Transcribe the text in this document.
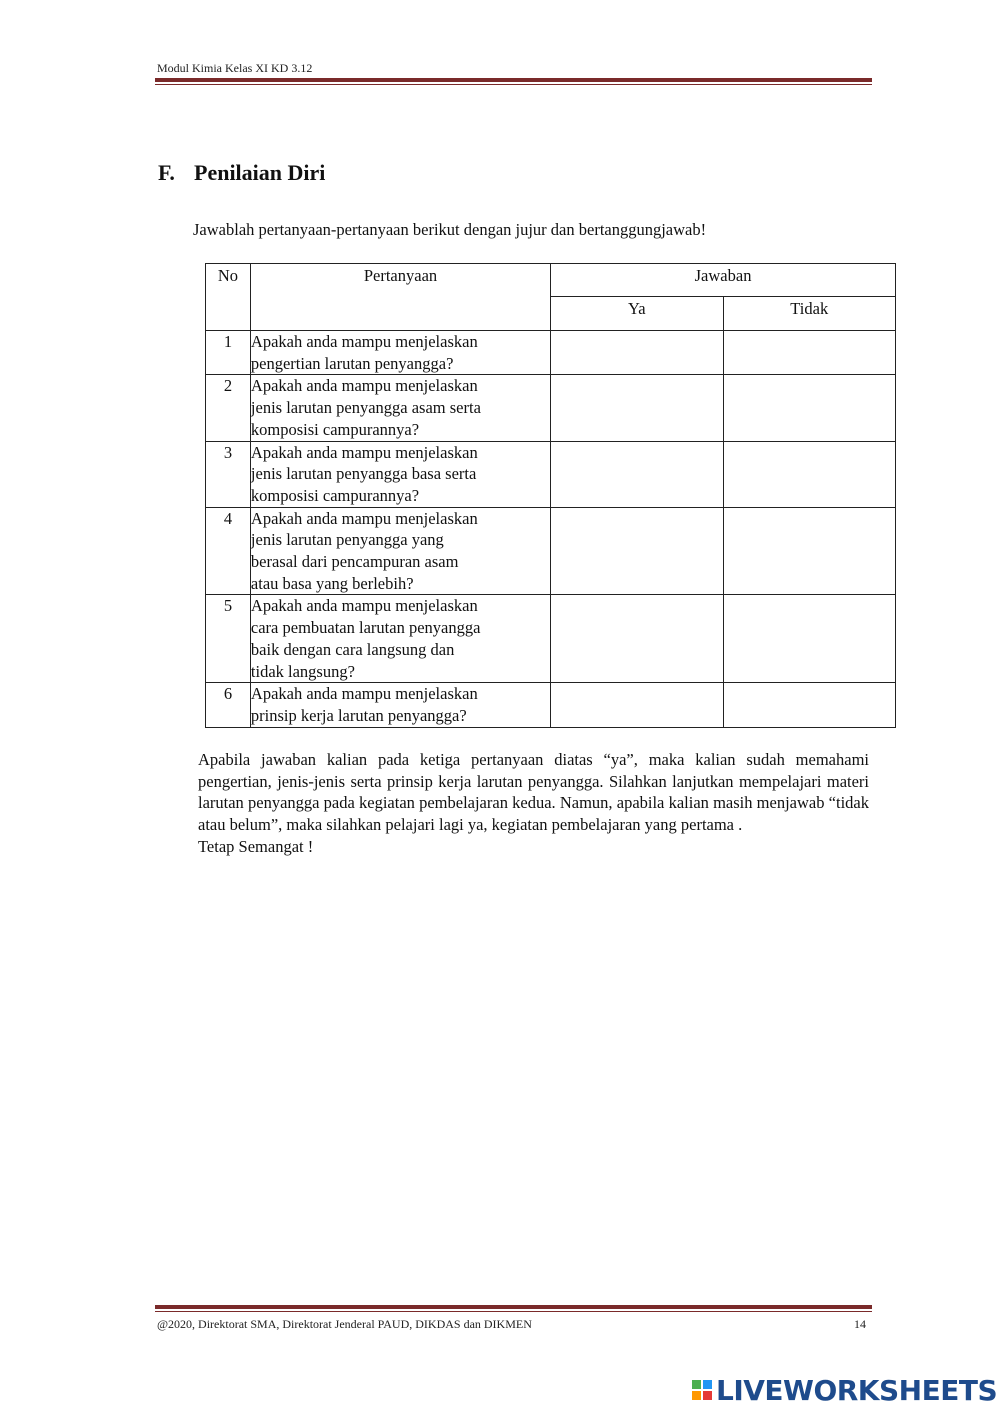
Modul Kimia Kelas XI KD 3.12
F. Penilaian Diri
Jawablah pertanyaan-pertanyaan berikut dengan jujur dan bertanggungjawab!
No	Pertanyaan	Jawaban	
		Ya	Tidak
1	Apakah anda mampu menjelaskan
pengertian larutan penyangga?		

2	Apakah anda mampu menjelaskan
jenis larutan penyangga asam serta
komposisi campurannya?		

3	Apakah anda mampu menjelaskan
jenis larutan penyangga basa serta
komposisi campurannya?		

4	Apakah anda mampu menjelaskan
jenis larutan penyangga yang
berasal dari pencampuran asam
atau basa yang berlebih?		

5	Apakah anda mampu menjelaskan
cara pembuatan larutan penyangga
baik dengan cara langsung dan
tidak langsung?		

6	Apakah anda mampu menjelaskan
prinsip kerja larutan penyangga?		

Apabila jawaban kalian pada ketiga pertanyaan diatas “ya”, maka kalian sudah memahami pengertian, jenis-jenis serta prinsip kerja larutan penyangga. Silahkan lanjutkan mempelajari materi larutan penyangga pada kegiatan pembelajaran kedua. Namun, apabila kalian masih menjawab “tidak atau belum”, maka silahkan pelajari lagi ya, kegiatan pembelajaran yang pertama .

Tetap Semangat !

@2020, Direktorat SMA, Direktorat Jenderal PAUD, DIKDAS dan DIKMEN	14
LIVEWORKSHEETS
